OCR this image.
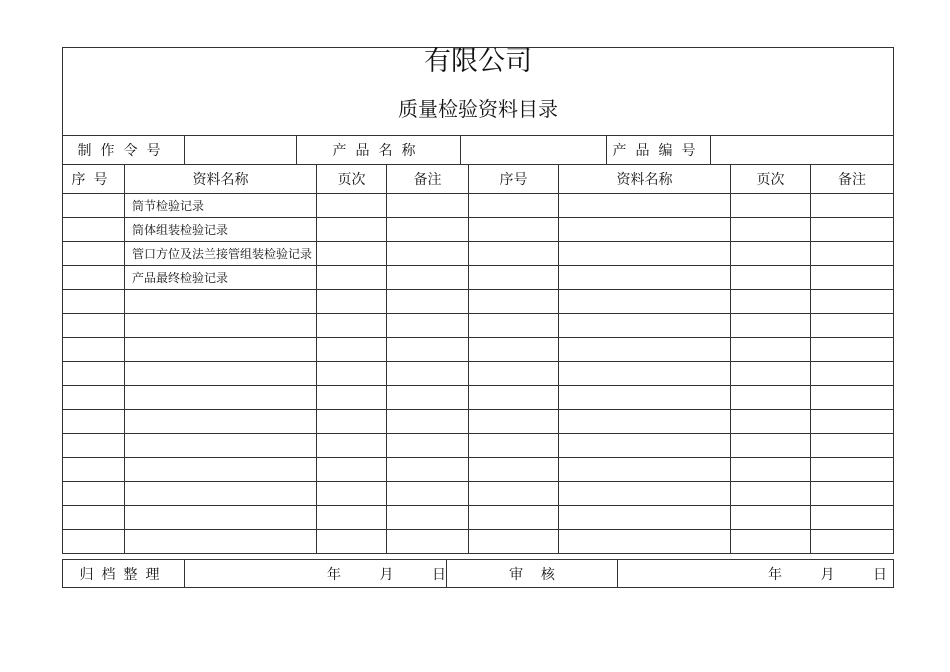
有限公司
质量检验资料目录
制作令号		产品名称		产品编号	
序号	资料名称	页次	备注	序号	资料名称	页次	备注
	筒节检验记录						
	筒体组装检验记录						
	管口方位及法兰接管组装检验记录						
	产品最终检验记录						

归档整理	年	月	日	审    核	年	月	日
